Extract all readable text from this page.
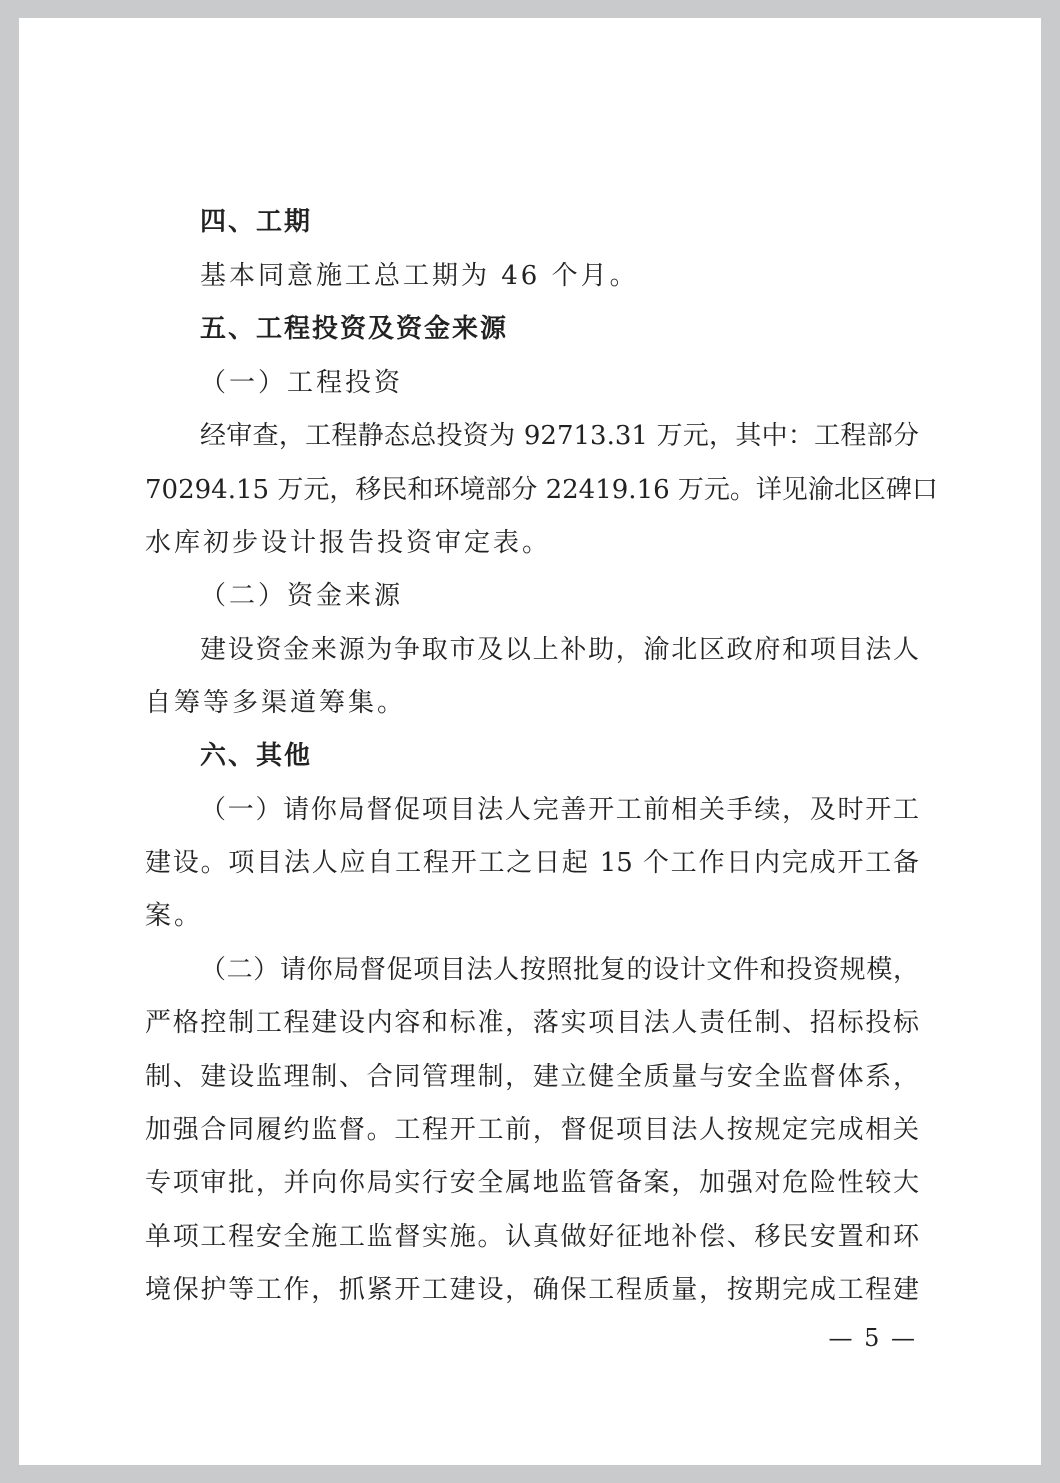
四、工期
基本同意施工总工期为 46 个月。
五、工程投资及资金来源
（一）工程投资
经审查，工程静态总投资为 92713.31 万元，其中：工程部分
70294.15 万元，移民和环境部分 22419.16 万元。详见渝北区碑口
水库初步设计报告投资审定表。
（二）资金来源
建设资金来源为争取市及以上补助，渝北区政府和项目法人
自筹等多渠道筹集。
六、其他
（一）请你局督促项目法人完善开工前相关手续，及时开工
建设。项目法人应自工程开工之日起 15 个工作日内完成开工备
案。
（二）请你局督促项目法人按照批复的设计文件和投资规模，
严格控制工程建设内容和标准，落实项目法人责任制、招标投标
制、建设监理制、合同管理制，建立健全质量与安全监督体系，
加强合同履约监督。工程开工前，督促项目法人按规定完成相关
专项审批，并向你局实行安全属地监管备案，加强对危险性较大
单项工程安全施工监督实施。认真做好征地补偿、移民安置和环
境保护等工作，抓紧开工建设，确保工程质量，按期完成工程建
— 5 —
